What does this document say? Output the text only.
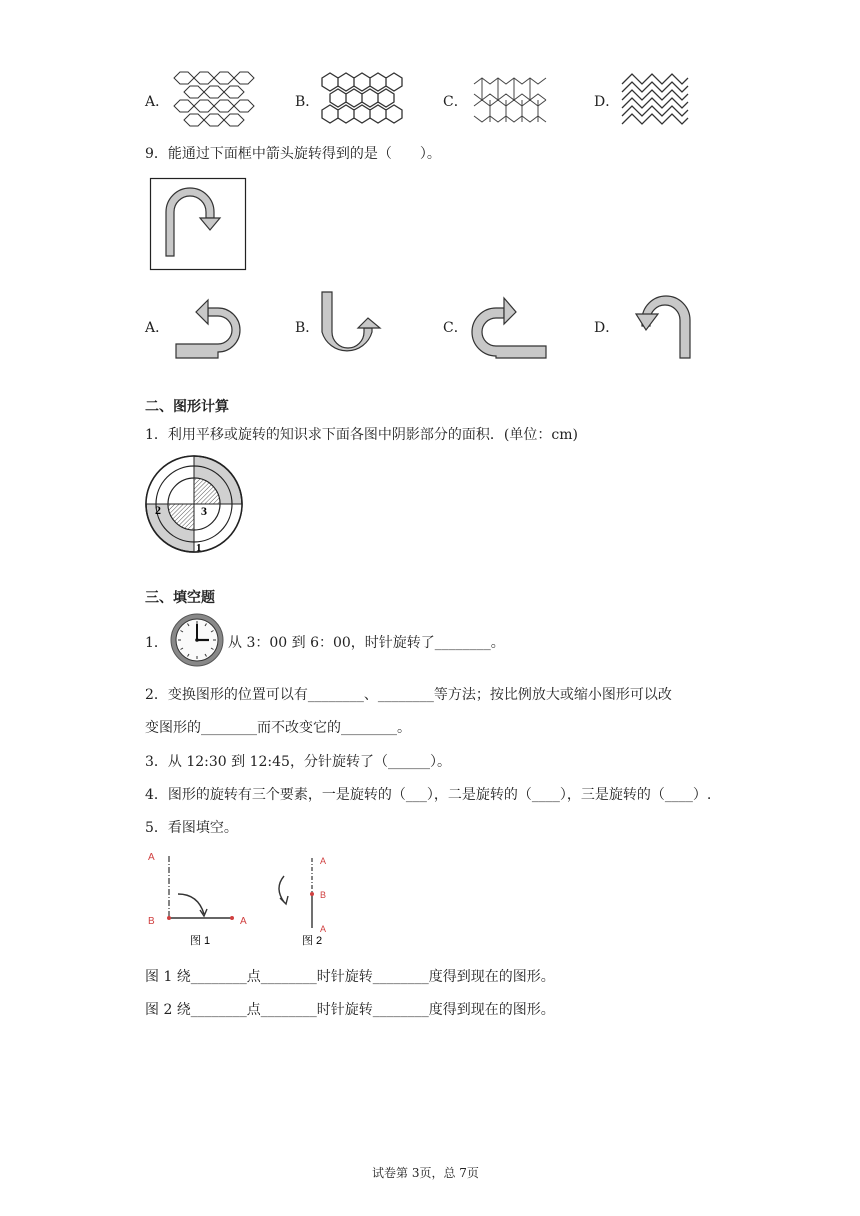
A．	B．	C．	D．
9．能通过下面框中箭头旋转得到的是（　　）。
A．	B．	C．	D．
二、图形计算
1．利用平移或旋转的知识求下面各图中阴影部分的面积．(单位：cm)
2	3
1
三、填空题
1．	从 3：00 到 6：00，时针旋转了________。
2．变换图形的位置可以有________、________等方法；按比例放大或缩小图形可以改
变图形的________而不改变它的________。
3．从 12:30 到 12:45，分针旋转了（______）。
4．图形的旋转有三个要素，一是旋转的（___），二是旋转的（____），三是旋转的（____）.
5．看图填空。
A
B	A
图 1
A
B
A
图 2
图 1 绕________点________时针旋转________度得到现在的图形。
图 2 绕________点________时针旋转________度得到现在的图形。
试卷第 3页，总 7页
